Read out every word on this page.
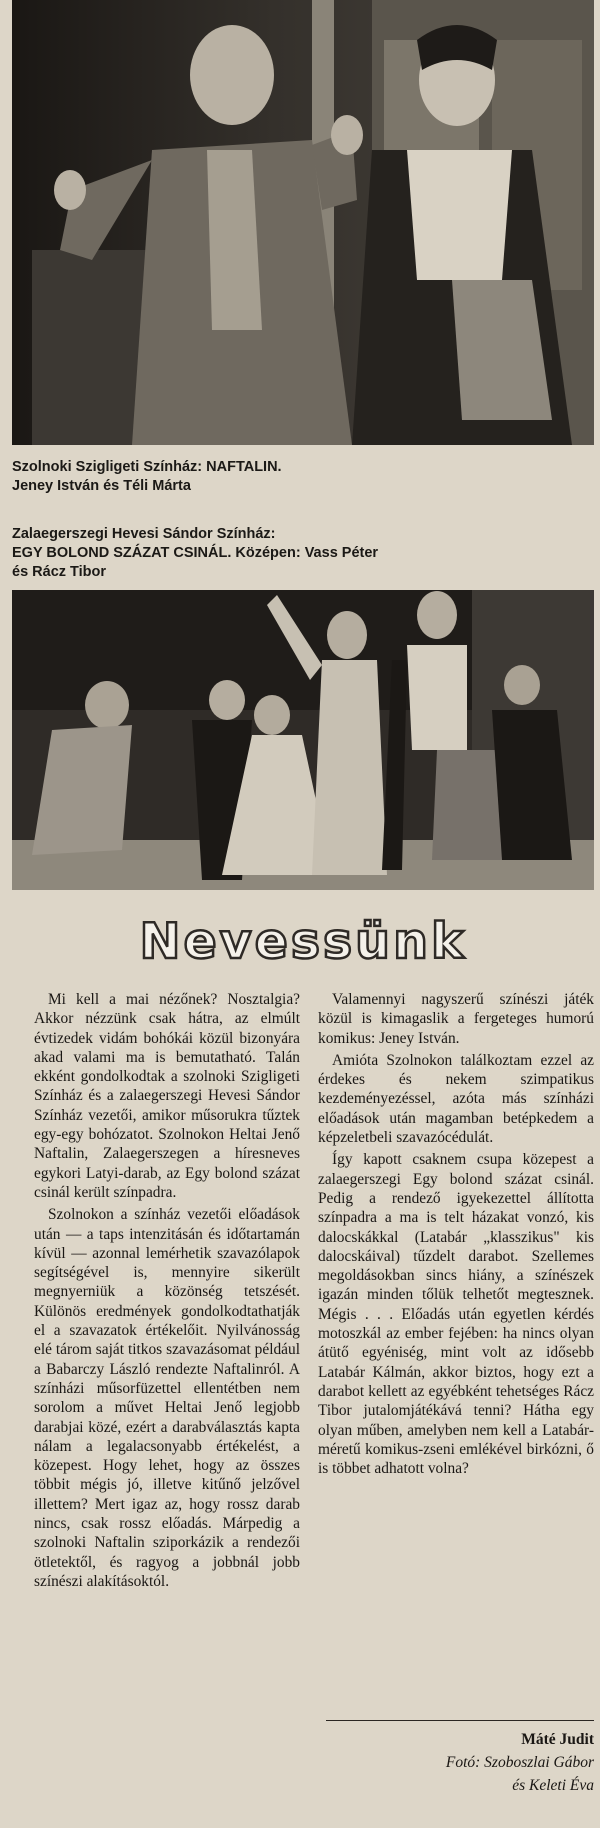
Szolnoki Szigligeti Színház: NAFTALIN.

Jeney István és Téli Márta

Zalaegerszegi Hevesi Sándor Színház:

EGY BOLOND SZÁZAT CSINÁL. Középen: Vass Péter

és Rácz Tibor

Nevessünk

Mi kell a mai nézőnek? Nosztalgia? Akkor nézzünk csak hátra, az elmúlt évtizedek vidám bohókái közül bizonyára akad valami ma is bemutatható. Talán ekként gondolkodtak a szolnoki Szigligeti Színház és a zalaegerszegi Hevesi Sándor Színház vezetői, amikor műsorukra tűztek egy-egy bohózatot. Szolnokon Heltai Jenő Naftalin, Zalaegerszegen a híresneves egykori Latyi-darab, az Egy bolond százat csinál került színpadra.

Szolnokon a színház vezetői előadások után — a taps intenzitásán és időtartamán kívül — azonnal lemérhetik szavazólapok segítségével is, mennyire sikerült megnyerniük a közönség tetszését. Különös eredmények gondolkodtathatják el a szavazatok értékelőit. Nyilvánosság elé tárom saját titkos szavazásomat például a Babarczy László rendezte Naftalinról. A színházi műsorfüzettel ellentétben nem sorolom a művet Heltai Jenő legjobb darabjai közé, ezért a darabválasztás kapta nálam a legalacsonyabb értékelést, a közepest. Hogy lehet, hogy az összes többit mégis jó, illetve kitűnő jelzővel illettem? Mert igaz az, hogy rossz darab nincs, csak rossz előadás. Márpedig a szolnoki Naftalin sziporkázik a rendezői ötletektől, és ragyog a jobbnál jobb színészi alakításoktól.

Valamennyi nagyszerű színészi játék közül is kimagaslik a fergeteges humorú komikus: Jeney István.

Amióta Szolnokon találkoztam ezzel az érdekes és nekem szimpatikus kezdeményezéssel, azóta más színházi előadások után magamban betépkedem a képzeletbeli szavazócédulát.

Így kapott csaknem csupa közepest a zalaegerszegi Egy bolond százat csinál. Pedig a rendező igyekezettel állította színpadra a ma is telt házakat vonzó, kis dalocskákkal (Latabár „klasszikus" kis dalocskáival) tűzdelt darabot. Szellemes megoldásokban sincs hiány, a színészek igazán minden tőlük telhetőt megtesznek. Mégis . . . Előadás után egyetlen kérdés motoszkál az ember fejében: ha nincs olyan átütő egyéniség, mint volt az idősebb Latabár Kálmán, akkor biztos, hogy ezt a darabot kellett az egyébként tehetséges Rácz Tibor jutalomjátékává tenni? Hátha egy olyan műben, amelyben nem kell a Latabár-méretű komikus-zseni emlékével birkózni, ő is többet adhatott volna?

Máté Judit
Fotó: Szoboszlai Gábor
és Keleti Éva
